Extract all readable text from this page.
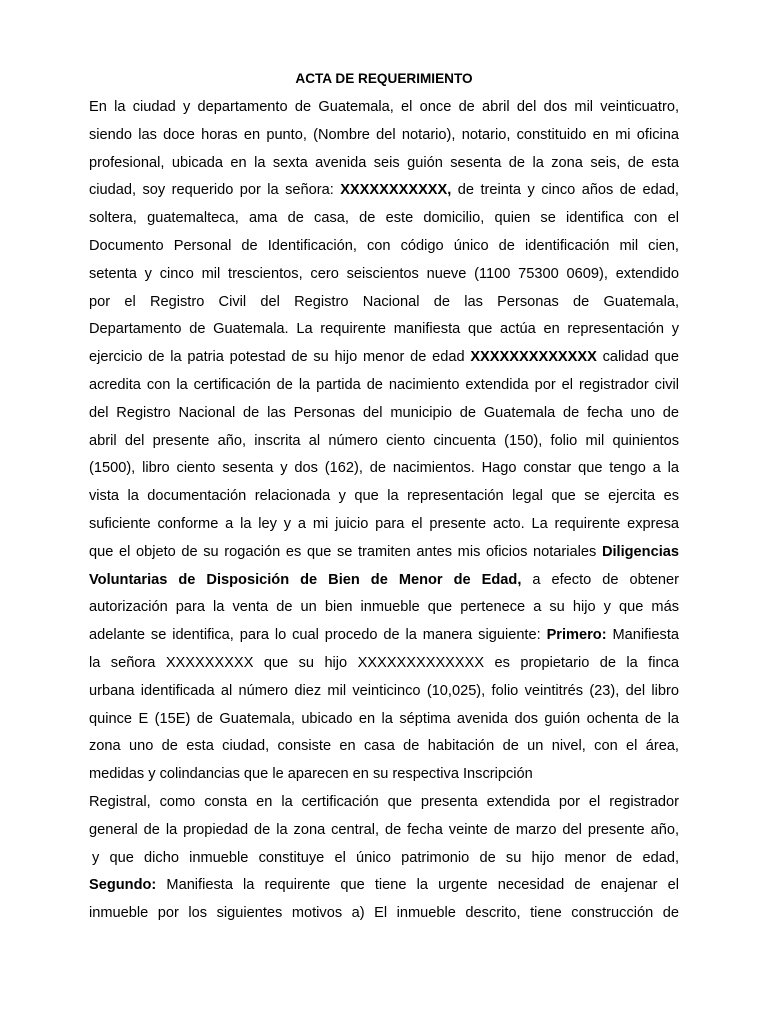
ACTA DE REQUERIMIENTO
En la ciudad y departamento de Guatemala, el once de abril del dos mil veinticuatro,
siendo las doce horas en punto, (Nombre del notario), notario, constituido en mi oficina
profesional, ubicada en la sexta avenida seis guión sesenta de la zona seis, de esta
ciudad, soy requerido por la señora: XXXXXXXXXXX, de treinta y cinco años de edad,
soltera, guatemalteca, ama de casa, de este domicilio, quien se identifica con el
Documento Personal de Identificación, con código único de identificación mil cien,
setenta y cinco mil trescientos, cero seiscientos nueve (1100 75300 0609), extendido
por el Registro Civil del Registro Nacional de las Personas de Guatemala,
Departamento de Guatemala. La requirente manifiesta que actúa en representación y
ejercicio de la patria potestad de su hijo menor de edad XXXXXXXXXXXXX calidad que
acredita con la certificación de la partida de nacimiento extendida por el registrador civil
del Registro Nacional de las Personas del municipio de Guatemala de fecha uno de
abril del presente año, inscrita al número ciento cincuenta (150), folio mil quinientos
(1500), libro ciento sesenta y dos (162), de nacimientos. Hago constar que tengo a la
vista la documentación relacionada y que la representación legal que se ejercita es
suficiente conforme a la ley y a mi juicio para el presente acto. La requirente expresa
que el objeto de su rogación es que se tramiten antes mis oficios notariales Diligencias
Voluntarias de Disposición de Bien de Menor de Edad, a efecto de obtener
autorización para la venta de un bien inmueble que pertenece a su hijo y que más
adelante se identifica, para lo cual procedo de la manera siguiente: Primero: Manifiesta
la señora XXXXXXXXX que su hijo XXXXXXXXXXXXX es propietario de la finca
urbana identificada al número diez mil veinticinco (10,025), folio veintitrés (23), del libro
quince E (15E) de Guatemala, ubicado en la séptima avenida dos guión ochenta de la
zona uno de esta ciudad, consiste en casa de habitación de un nivel, con el área,
medidas y colindancias que le aparecen en su respectiva Inscripción
Registral, como consta en la certificación que presenta extendida por el registrador
general de la propiedad de la zona central, de fecha veinte de marzo del presente año,
y que dicho inmueble constituye el único patrimonio de su hijo menor de edad,
Segundo: Manifiesta la requirente que tiene la urgente necesidad de enajenar el
inmueble por los siguientes motivos a) El inmueble descrito, tiene construcción de
